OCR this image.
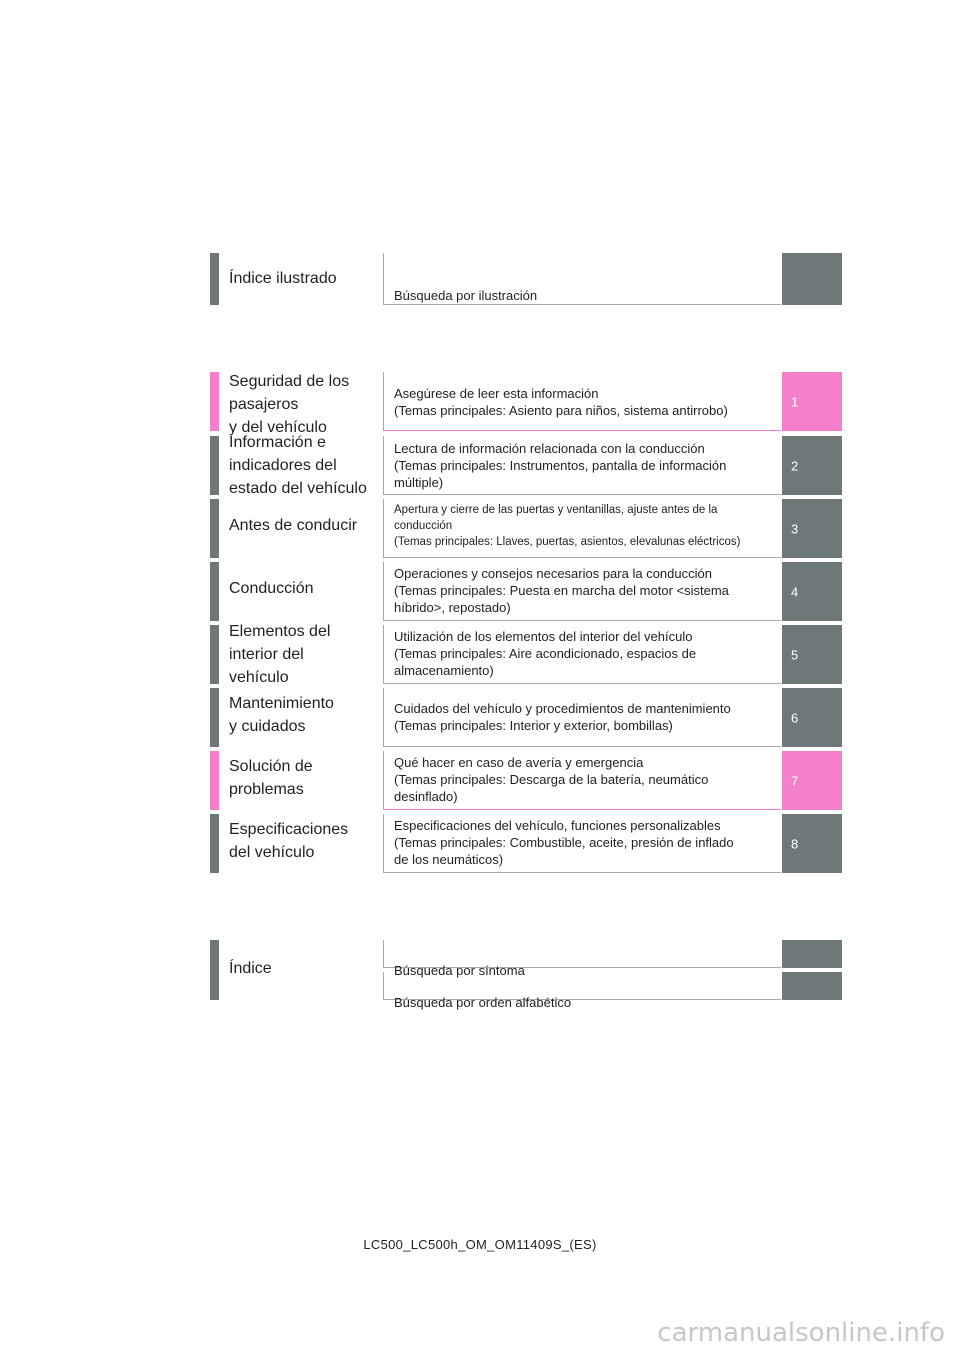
Índice ilustrado

Búsqueda por ilustración

Seguridad de los
pasajeros
y del vehículo
Asegúrese de leer esta información
(Temas principales: Asiento para niños, sistema antirrobo)
1
Información e
indicadores del
estado del vehículo
Lectura de información relacionada con la conducción
(Temas principales: Instrumentos, pantalla de información
múltiple)
2
Antes de conducir
Apertura y cierre de las puertas y ventanillas, ajuste antes de la
conducción
(Temas principales: Llaves, puertas, asientos, elevalunas eléctricos)
3
Conducción
Operaciones y consejos necesarios para la conducción
(Temas principales: Puesta en marcha del motor <sistema
híbrido>, repostado)
4
Elementos del
interior del
vehículo
Utilización de los elementos del interior del vehículo
(Temas principales: Aire acondicionado, espacios de
almacenamiento)
5
Mantenimiento
y cuidados
Cuidados del vehículo y procedimientos de mantenimiento
(Temas principales: Interior y exterior, bombillas)
6
Solución de
problemas
Qué hacer en caso de avería y emergencia
(Temas principales: Descarga de la batería, neumático
desinflado)
7
Especificaciones
del vehículo
Especificaciones del vehículo, funciones personalizables
(Temas principales: Combustible, aceite, presión de inflado
de los neumáticos)
8
Índice	Búsqueda por síntoma

Búsqueda por orden alfabético

LC500_LC500h_OM_OM11409S_(ES)
carmanualsonline.info
